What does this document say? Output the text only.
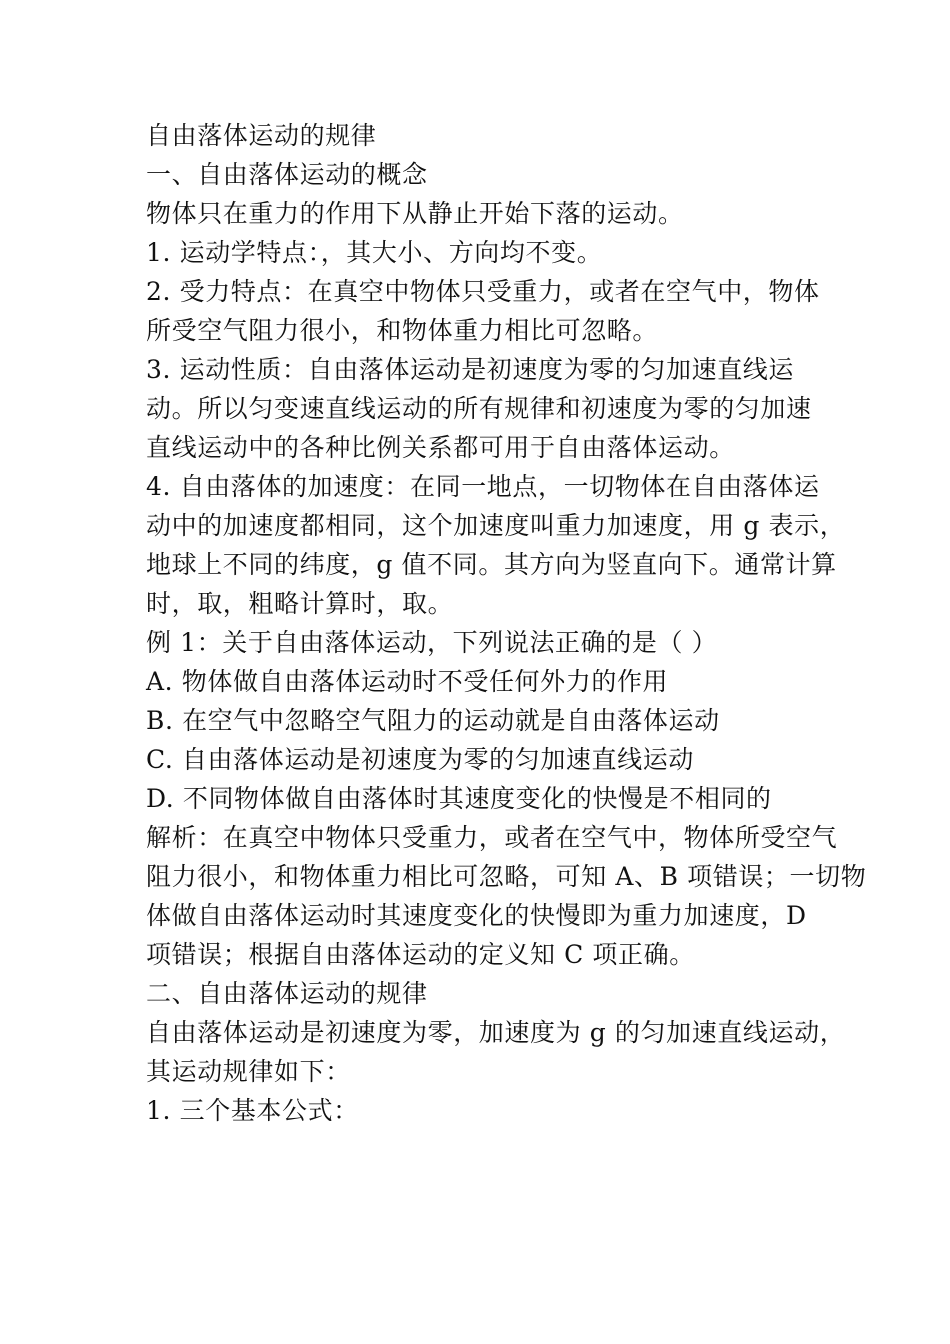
自由落体运动的规律
一、自由落体运动的概念
物体只在重力的作用下从静止开始下落的运动。
1. 运动学特点：，其大小、方向均不变。
2. 受力特点：在真空中物体只受重力，或者在空气中，物体
所受空气阻力很小，和物体重力相比可忽略。
3. 运动性质：自由落体运动是初速度为零的匀加速直线运
动。所以匀变速直线运动的所有规律和初速度为零的匀加速
直线运动中的各种比例关系都可用于自由落体运动。
4. 自由落体的加速度：在同一地点，一切物体在自由落体运
动中的加速度都相同，这个加速度叫重力加速度，用 g 表示，
地球上不同的纬度，g 值不同。其方向为竖直向下。通常计算
时，取，粗略计算时，取。
例 1：关于自由落体运动，下列说法正确的是（ ）
A. 物体做自由落体运动时不受任何外力的作用
B. 在空气中忽略空气阻力的运动就是自由落体运动
C. 自由落体运动是初速度为零的匀加速直线运动
D. 不同物体做自由落体时其速度变化的快慢是不相同的
解析：在真空中物体只受重力，或者在空气中，物体所受空气
阻力很小，和物体重力相比可忽略，可知 A、B 项错误；一切物
体做自由落体运动时其速度变化的快慢即为重力加速度，D
项错误；根据自由落体运动的定义知 C 项正确。
二、自由落体运动的规律
自由落体运动是初速度为零，加速度为 g 的匀加速直线运动，
其运动规律如下：
1. 三个基本公式：
